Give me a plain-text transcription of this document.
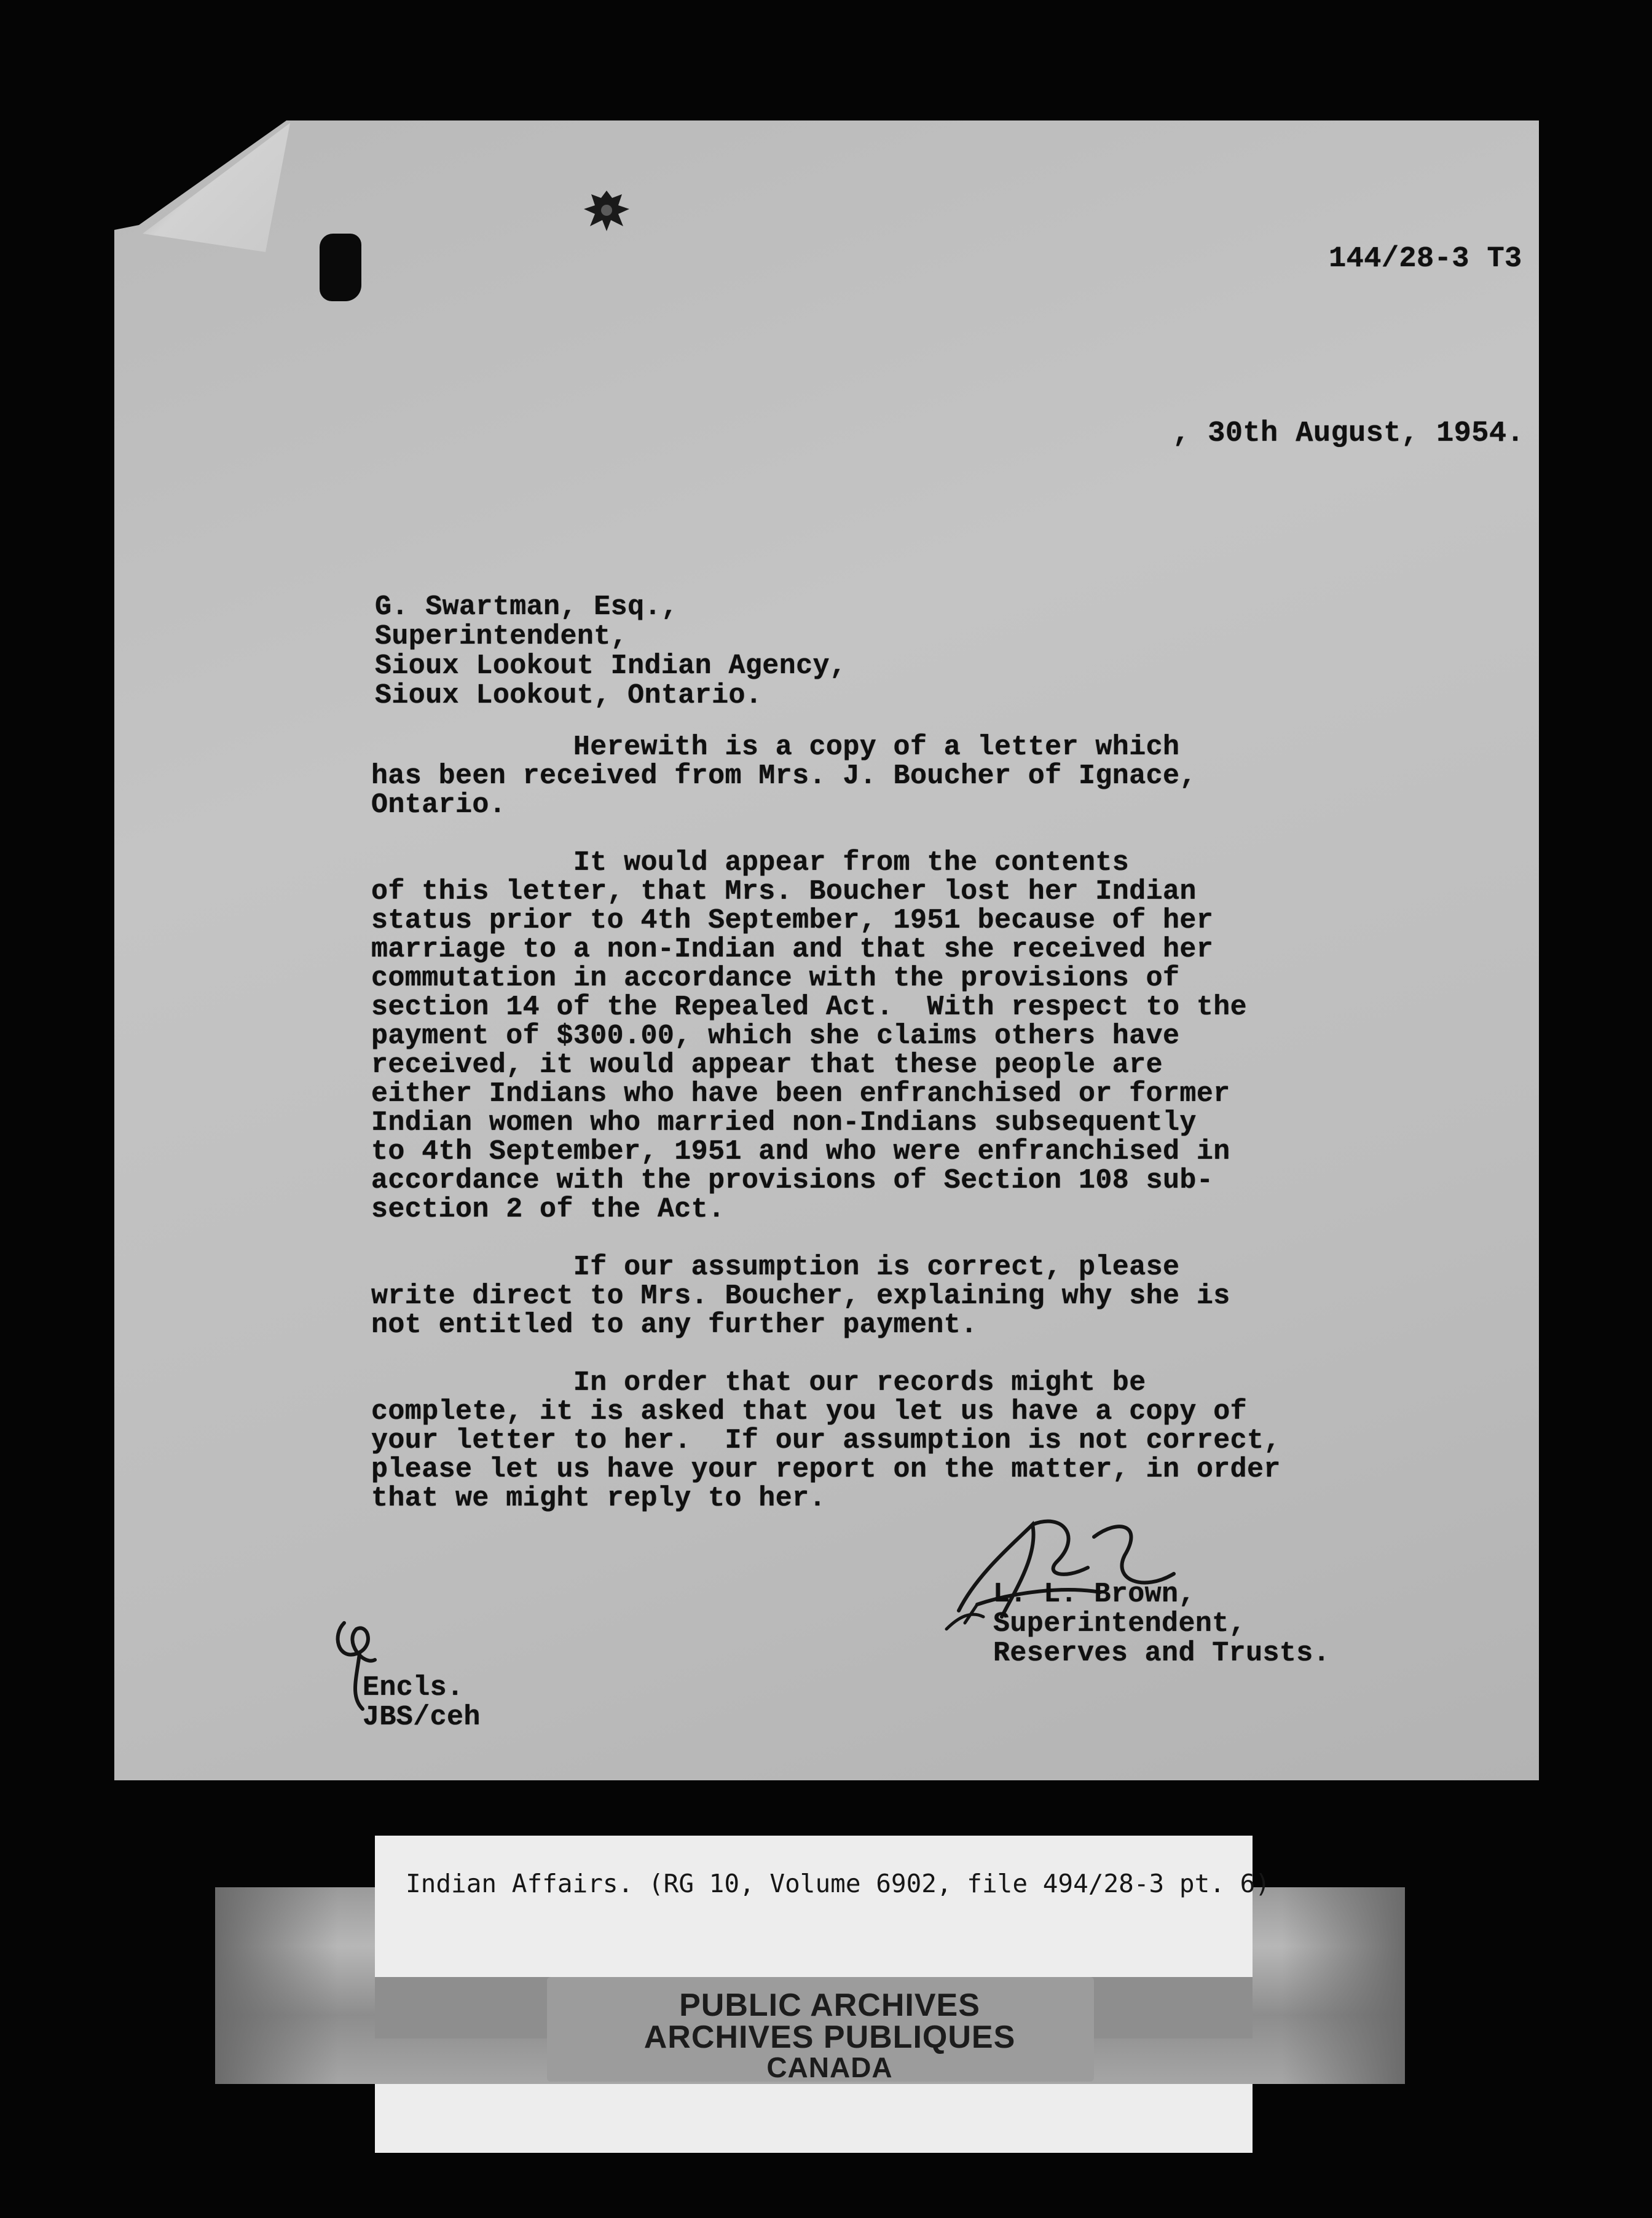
144/28-3 T3
, 30th August, 1954.
G. Swartman, Esq.,
Superintendent,
Sioux Lookout Indian Agency,
Sioux Lookout, Ontario.
Herewith is a copy of a letter which
has been received from Mrs. J. Boucher of Ignace,
Ontario.

It would appear from the contents
of this letter, that Mrs. Boucher lost her Indian
status prior to 4th September, 1951 because of her
marriage to a non-Indian and that she received her
commutation in accordance with the provisions of
section 14 of the Repealed Act.  With respect to the
payment of $300.00, which she claims others have
received, it would appear that these people are
either Indians who have been enfranchised or former
Indian women who married non-Indians subsequently
to 4th September, 1951 and who were enfranchised in
accordance with the provisions of Section 108 sub-
section 2 of the Act.

If our assumption is correct, please
write direct to Mrs. Boucher, explaining why she is
not entitled to any further payment.

In order that our records might be
complete, it is asked that you let us have a copy of
your letter to her.  If our assumption is not correct,
please let us have your report on the matter, in order
that we might reply to her.
L. L. Brown,
Superintendent,
Reserves and Trusts.
Encls.
JBS/ceh
Indian Affairs. (RG 10, Volume 6902, file 494/28-3 pt. 6)
PUBLIC ARCHIVES
ARCHIVES PUBLIQUES
CANADA
